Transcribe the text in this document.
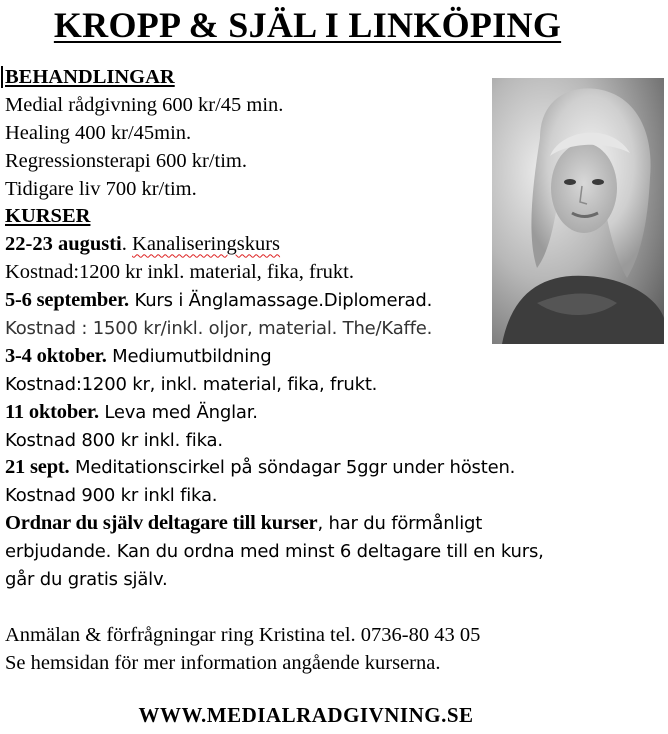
KROPP & SJÄL I LINKÖPING
BEHANDLINGAR
Medial rådgivning 600 kr/45 min.
Healing 400 kr/45min.
Regressionsterapi 600 kr/tim.
Tidigare liv 700 kr/tim.
KURSER
22-23 augusti. Kanaliseringskurs
Kostnad:1200 kr inkl. material, fika, frukt.
5-6 september. Kurs i Änglamassage.Diplomerad.
Kostnad : 1500 kr/inkl. oljor, material. The/Kaffe.
3-4 oktober. Mediumutbildning
Kostnad:1200 kr, inkl. material, fika, frukt.
11 oktober. Leva med Änglar.
Kostnad 800 kr inkl. fika.
21 sept. Meditationscirkel på söndagar 5ggr under hösten.
Kostnad 900 kr inkl fika.
Ordnar du själv deltagare till kurser, har du förmånligt
erbjudande. Kan du ordna med minst 6 deltagare till en kurs,
går du gratis själv.
Anmälan & förfrågningar ring Kristina tel. 0736-80 43 05
Se hemsidan för mer information angående kurserna.
WWW.MEDIALRADGIVNING.SE
